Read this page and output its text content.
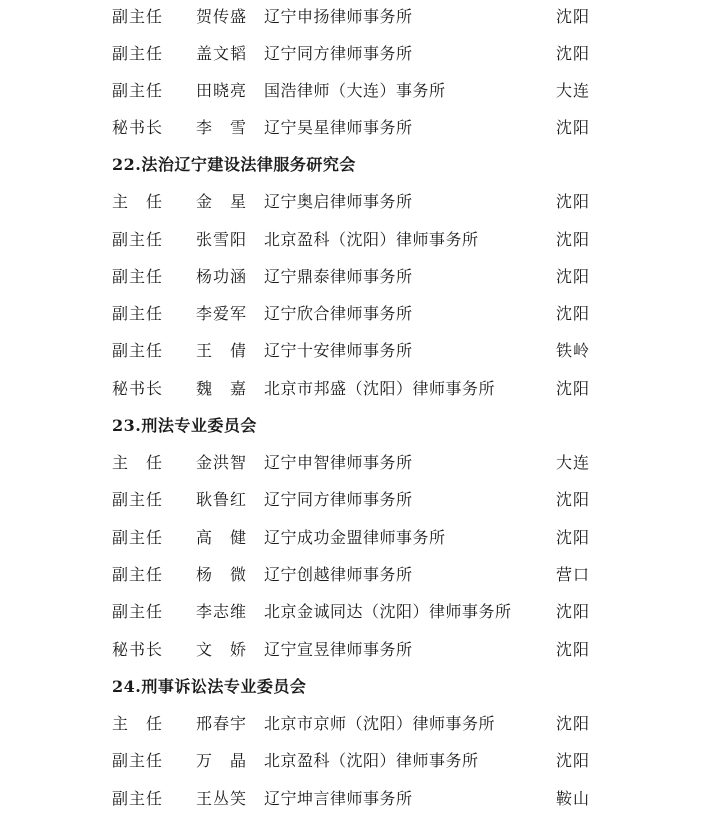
副主任 贺传盛 辽宁申扬律师事务所	沈阳
副主任 盖文韬 辽宁同方律师事务所	沈阳
副主任 田晓亮 国浩律师（大连）事务所	大连
秘书长 李　雪 辽宁昊星律师事务所	沈阳
22.法治辽宁建设法律服务研究会
主　任 金　星 辽宁奥启律师事务所	沈阳
副主任 张雪阳 北京盈科（沈阳）律师事务所	沈阳
副主任 杨功涵 辽宁鼎泰律师事务所	沈阳
副主任 李爱军 辽宁欣合律师事务所	沈阳
副主任 王　倩 辽宁十安律师事务所	铁岭
秘书长 魏　嘉 北京市邦盛（沈阳）律师事务所	沈阳
23.刑法专业委员会
主　任 金洪智 辽宁申智律师事务所	大连
副主任 耿鲁红 辽宁同方律师事务所	沈阳
副主任 高　健 辽宁成功金盟律师事务所	沈阳
副主任 杨　微 辽宁创越律师事务所	营口
副主任 李志维 北京金诚同达（沈阳）律师事务所	沈阳
秘书长 文　娇 辽宁宣昱律师事务所	沈阳
24.刑事诉讼法专业委员会
主　任 邢春宇 北京市京师（沈阳）律师事务所	沈阳
副主任 万　晶 北京盈科（沈阳）律师事务所	沈阳
副主任 王丛笑 辽宁坤言律师事务所	鞍山
